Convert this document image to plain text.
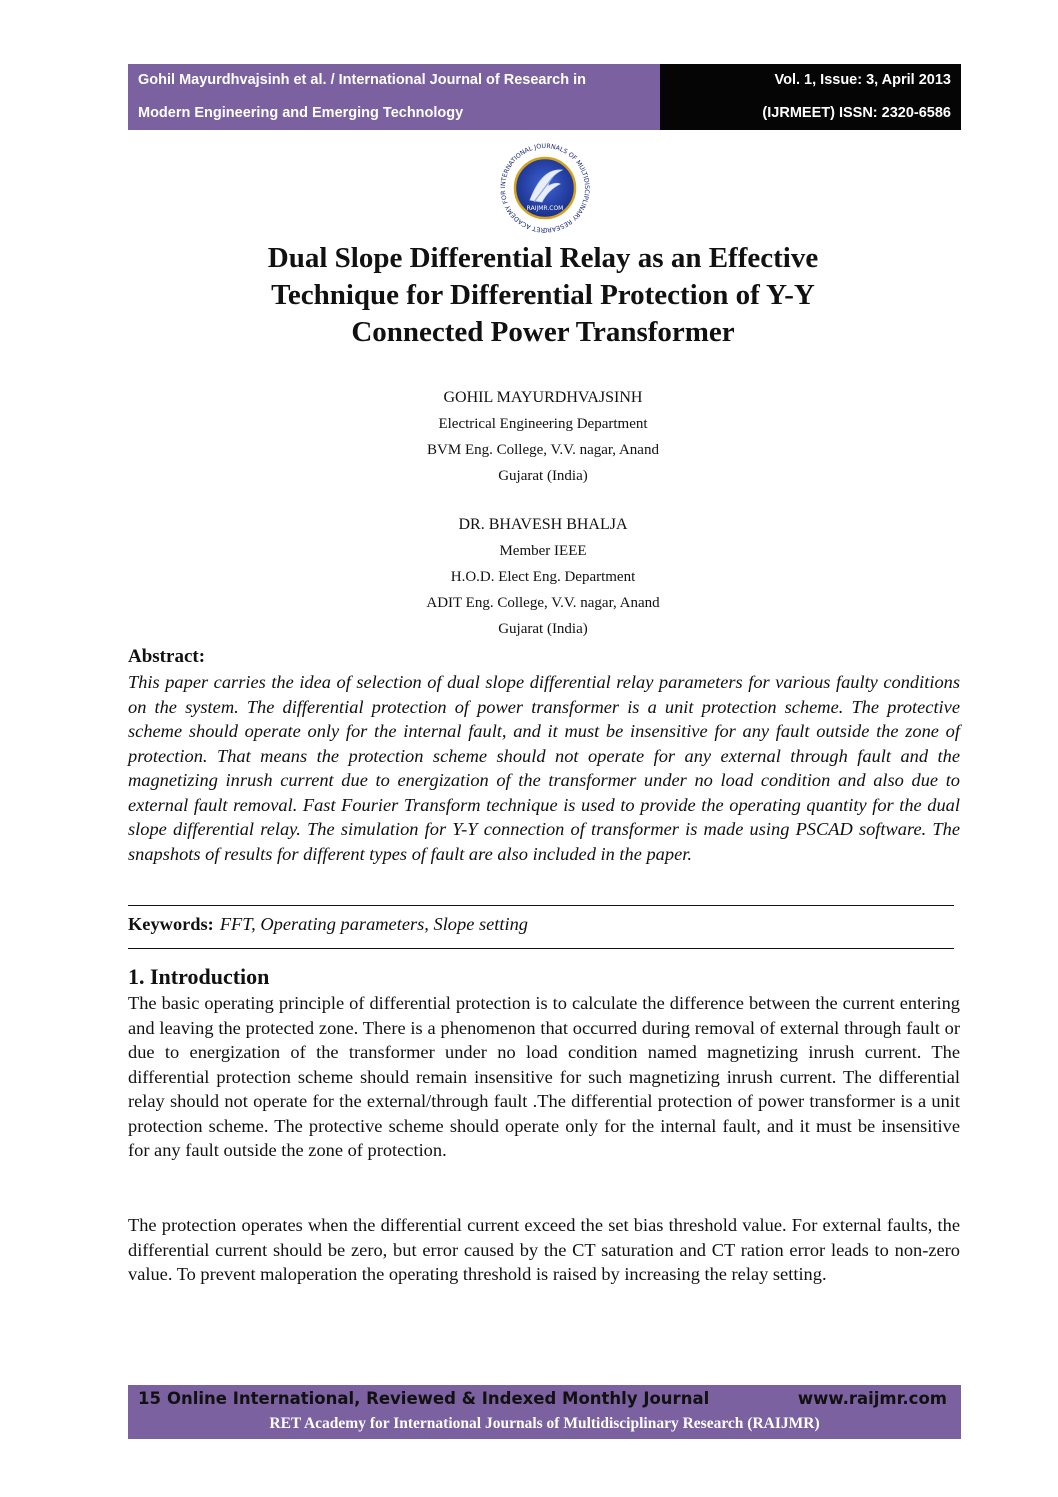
Gohil Mayurdhvajsinh et al. / International Journal of Research in
Modern Engineering and Emerging Technology
Vol. 1, Issue: 3, April 2013
(IJRMEET) ISSN: 2320-6586
RET ACADEMY FOR INTERNATIONAL JOURNALS OF MULTIDISCIPLINARY RESEARC
RAIJMR.COM
Dual Slope Differential Relay as an Effective
Technique for Differential Protection of Y-Y
Connected Power Transformer
GOHIL MAYURDHVAJSINH
Electrical Engineering Department
BVM Eng. College, V.V. nagar, Anand
Gujarat (India)
DR. BHAVESH BHALJA
Member IEEE
H.O.D. Elect Eng. Department
ADIT Eng. College, V.V. nagar, Anand
Gujarat (India)
Abstract:
This paper carries the idea of selection of dual slope differential relay parameters for various faulty conditions on the system. The differential protection of power transformer is a unit protection scheme. The protective scheme should operate only for the internal fault, and it must be insensitive for any fault outside the zone of protection. That means the protection scheme should not operate for any external through fault and the magnetizing inrush current due to energization of the transformer under no load condition and also due to external fault removal. Fast Fourier Transform technique is used to provide the operating quantity for the dual slope differential relay. The simulation for Y-Y connection of transformer is made using PSCAD software. The snapshots of results for different types of fault are also included in the paper.
Keywords: FFT, Operating parameters, Slope setting
1. Introduction
The basic operating principle of differential protection is to calculate the difference between the current entering and leaving the protected zone. There is a phenomenon that occurred during removal of external through fault or due to energization of the transformer under no load condition named magnetizing inrush current. The differential protection scheme should remain insensitive for such magnetizing inrush current. The differential relay should not operate for the external/through fault .The differential protection of power transformer is a unit protection scheme. The protective scheme should operate only for the internal fault, and it must be insensitive for any fault outside the zone of protection.
The protection operates when the differential current exceed the set bias threshold value. For external faults, the differential current should be zero, but error caused by the CT saturation and CT ration error leads to non-zero value. To prevent maloperation the operating threshold is raised by increasing the relay setting.
15 Online International, Reviewed & Indexed Monthly Journal	www.raijmr.com
RET Academy for International Journals of Multidisciplinary Research (RAIJMR)
